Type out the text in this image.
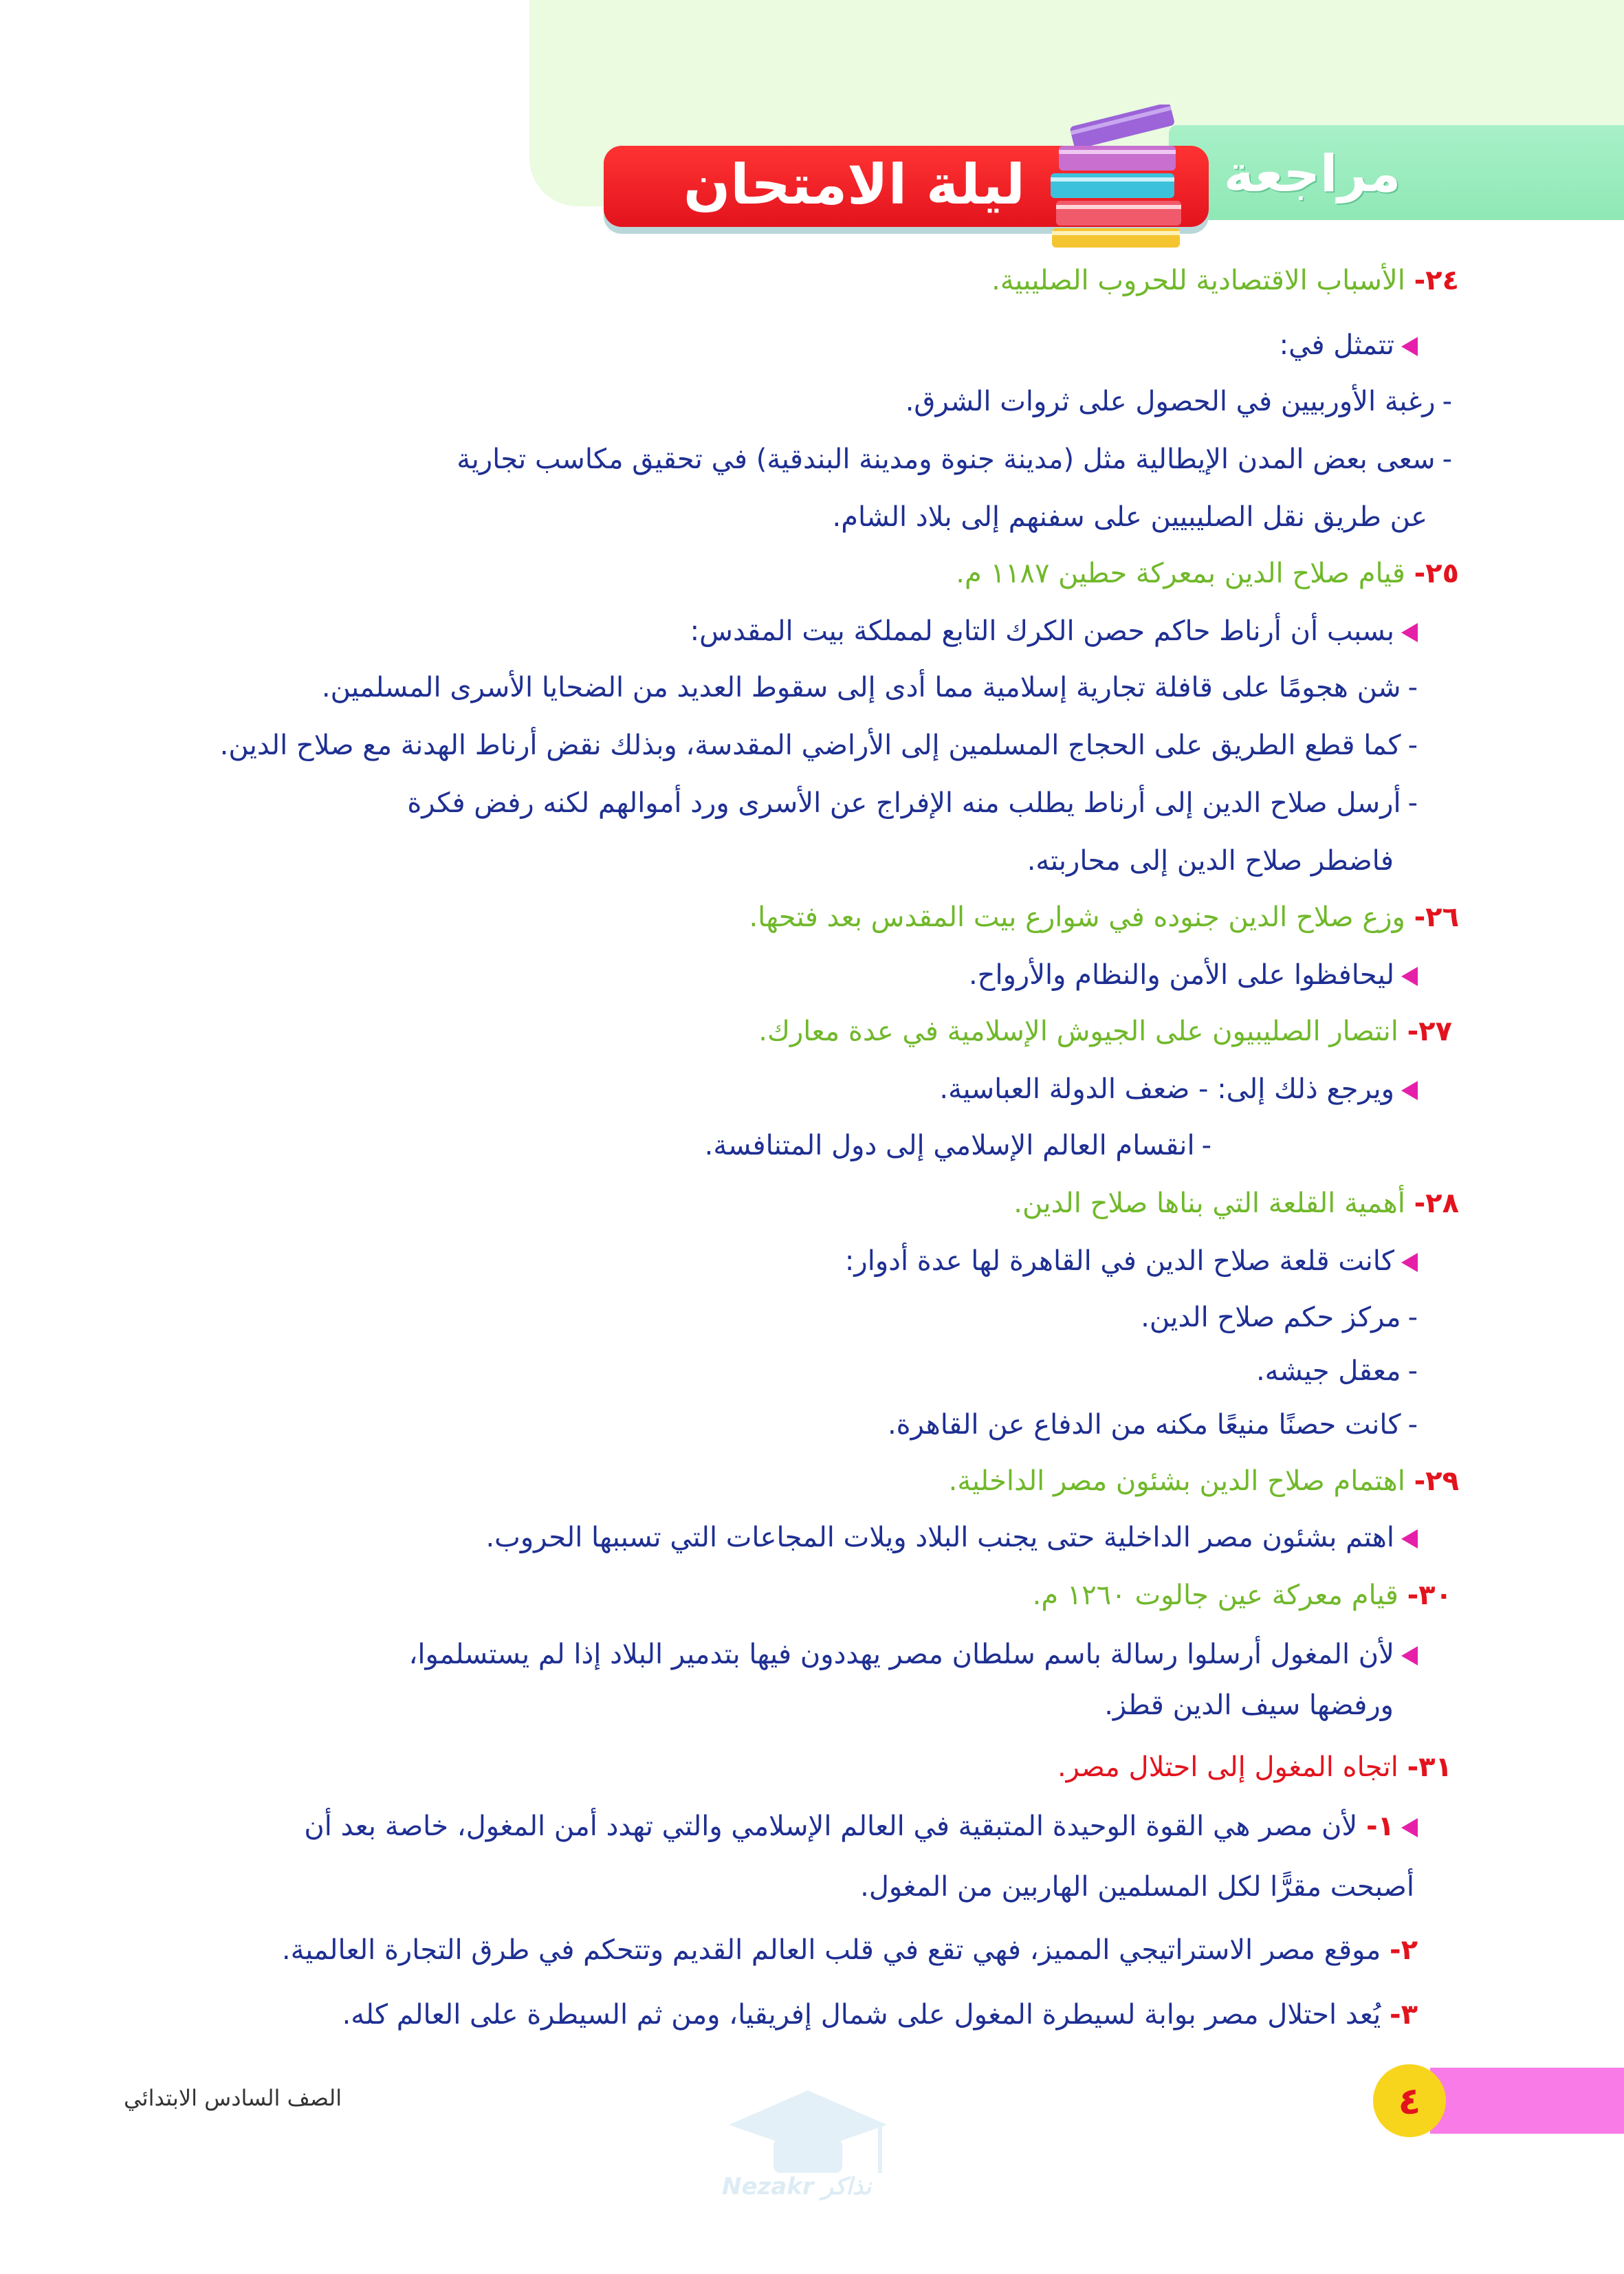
مراجعة
ليلة الامتحان
٢٤- الأسباب الاقتصادية للحروب الصليبية.
تتمثل في:
-رغبة الأوربيين في الحصول على ثروات الشرق.
-سعى بعض المدن الإيطالية مثل (مدينة جنوة ومدينة البندقية) في تحقيق مكاسب تجارية
عن طريق نقل الصليبيين على سفنهم إلى بلاد الشام.
٢٥- قيام صلاح الدين بمعركة حطين ١١٨٧ م.
بسبب أن أرناط حاكم حصن الكرك التابع لمملكة بيت المقدس:
-شن هجومًا على قافلة تجارية إسلامية مما أدى إلى سقوط العديد من الضحايا الأسرى المسلمين.
-كما قطع الطريق على الحجاج المسلمين إلى الأراضي المقدسة، وبذلك نقض أرناط الهدنة مع صلاح الدين.
-أرسل صلاح الدين إلى أرناط يطلب منه الإفراج عن الأسرى ورد أموالهم لكنه رفض فكرة
فاضطر صلاح الدين إلى محاربته.
٢٦- وزع صلاح الدين جنوده في شوارع بيت المقدس بعد فتحها.
ليحافظوا على الأمن والنظام والأرواح.
٢٧- انتصار الصليبيون على الجيوش الإسلامية في عدة معارك.
ويرجع ذلك إلى: - ضعف الدولة العباسية.
-انقسام العالم الإسلامي إلى دول المتنافسة.
٢٨- أهمية القلعة التي بناها صلاح الدين.
كانت قلعة صلاح الدين في القاهرة لها عدة أدوار:
-مركز حكم صلاح الدين.
-معقل جيشه.
-كانت حصنًا منيعًا مكنه من الدفاع عن القاهرة.
٢٩- اهتمام صلاح الدين بشئون مصر الداخلية.
اهتم بشئون مصر الداخلية حتى يجنب البلاد ويلات المجاعات التي تسببها الحروب.
٣٠- قيام معركة عين جالوت ١٢٦٠ م.
لأن المغول أرسلوا رسالة باسم سلطان مصر يهددون فيها بتدمير البلاد إذا لم يستسلموا،
ورفضها سيف الدين قطز.
٣١- اتجاه المغول إلى احتلال مصر.
١- لأن مصر هي القوة الوحيدة المتبقية في العالم الإسلامي والتي تهدد أمن المغول، خاصة بعد أن
أصبحت مقرًّا لكل المسلمين الهاربين من المغول.
٢- موقع مصر الاستراتيجي المميز، فهي تقع في قلب العالم القديم وتتحكم في طرق التجارة العالمية.
٣- يُعد احتلال مصر بوابة لسيطرة المغول على شمال إفريقيا، ومن ثم السيطرة على العالم كله.
Nezakr نذاكر
الصف السادس الابتدائي	٤
